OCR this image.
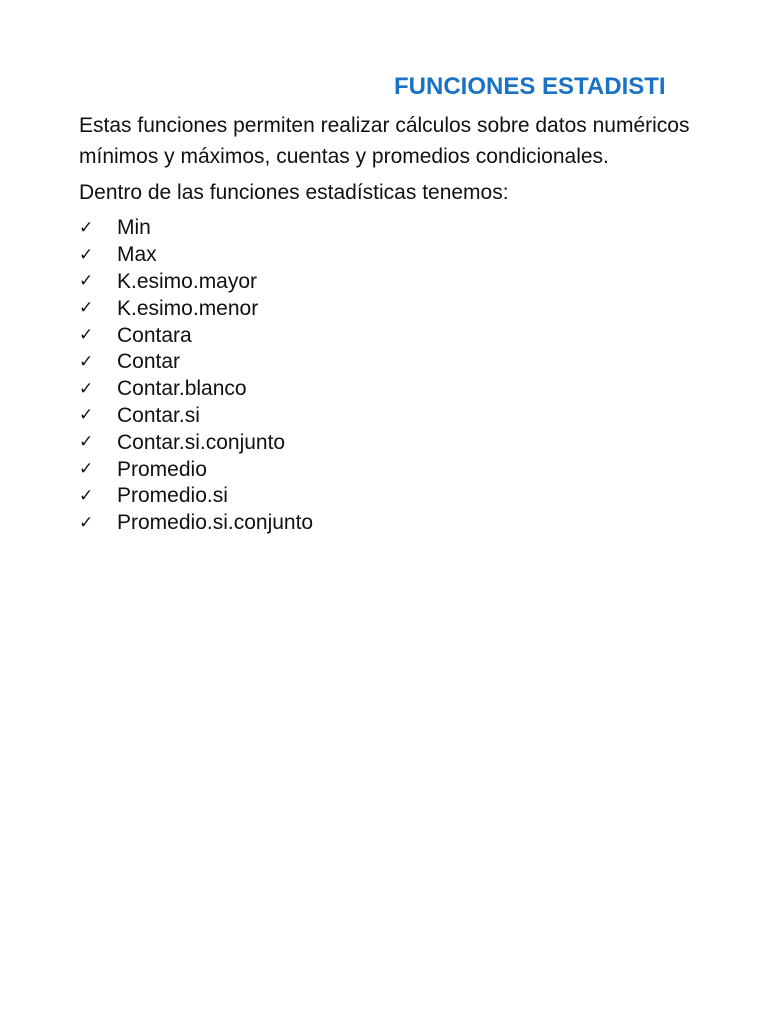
FUNCIONES ESTADISTI

Estas funciones permiten realizar cálculos sobre datos numéricos

mínimos y máximos, cuentas y promedios condicionales.

Dentro de las funciones estadísticas tenemos:

✓	Min
✓	Max
✓	K.esimo.mayor
✓	K.esimo.menor
✓	Contara
✓	Contar
✓	Contar.blanco
✓	Contar.si
✓	Contar.si.conjunto
✓	Promedio
✓	Promedio.si
✓	Promedio.si.conjunto
